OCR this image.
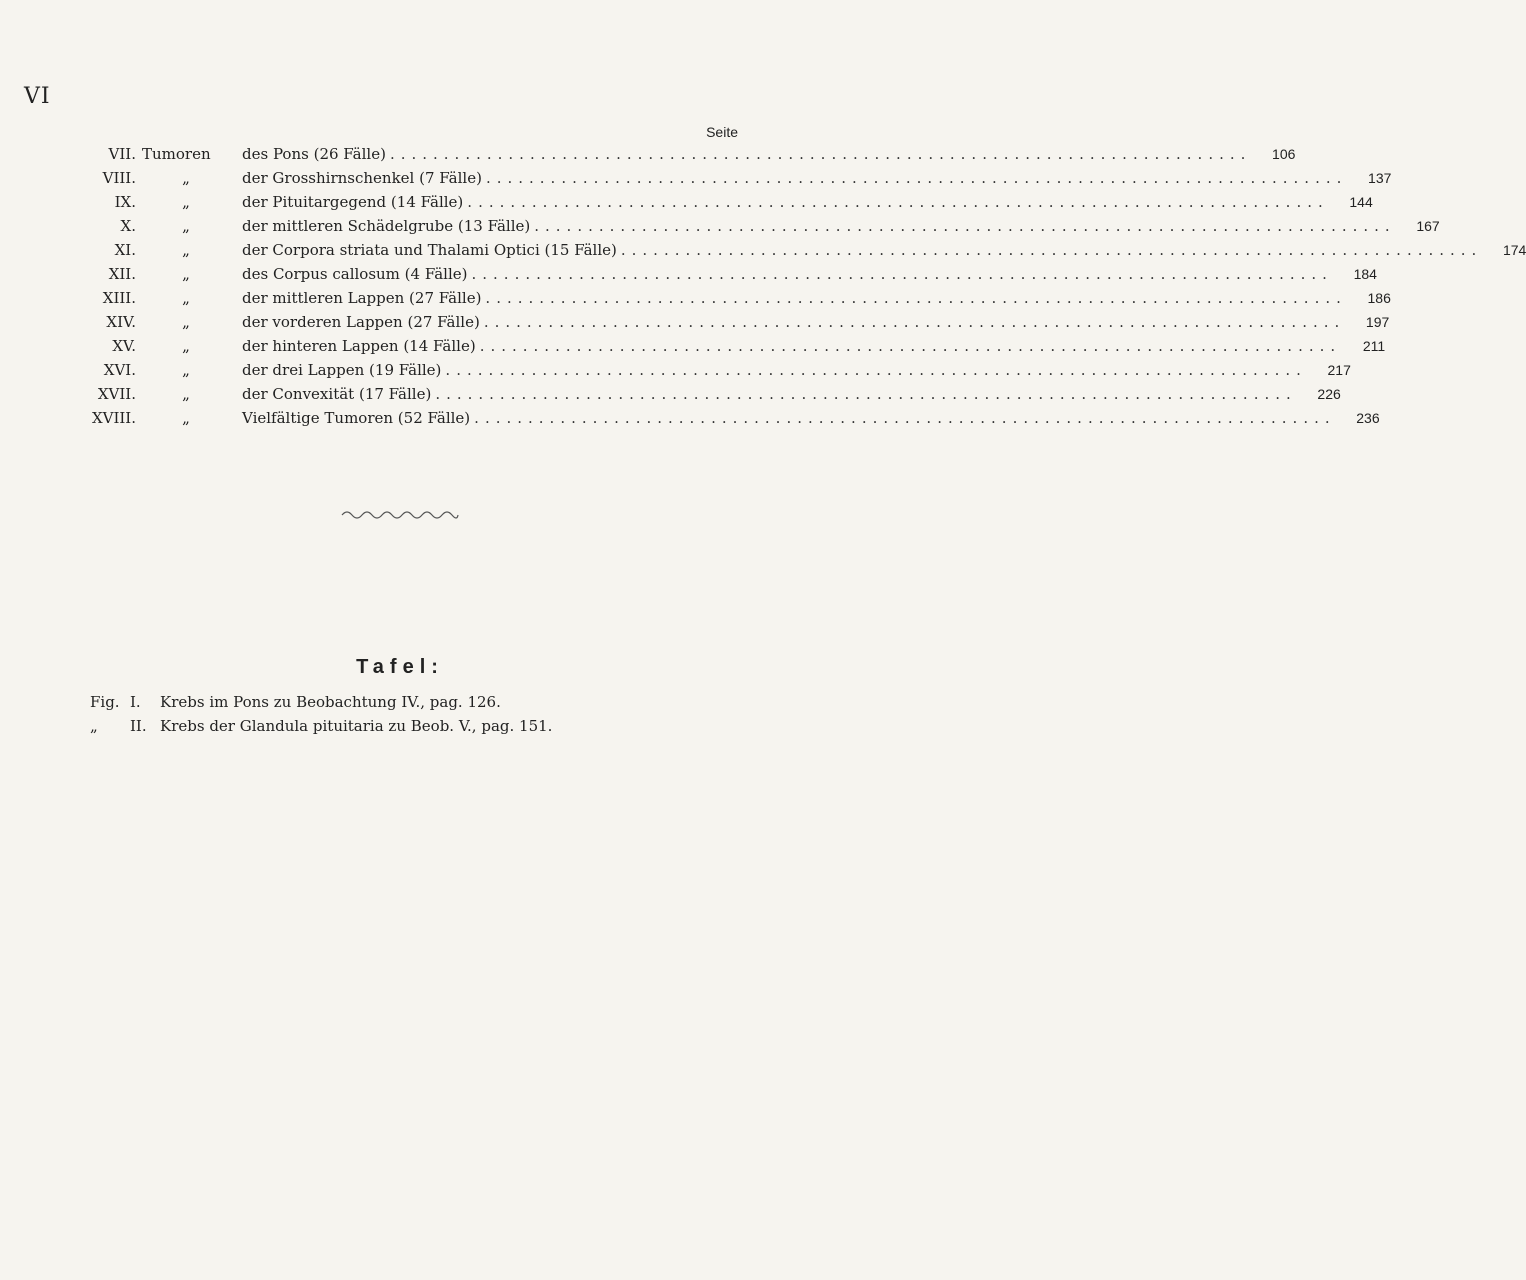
VI
Seite
VII. Tumoren	des Pons (26 Fälle) ................................................................................	106
VIII.	„	der Grosshirnschenkel (7 Fälle) ................................................................................	137
IX.	„	der Pituitargegend (14 Fälle) ................................................................................	144
X.	„	der mittleren Schädelgrube (13 Fälle) ................................................................................	167
XI.	„	der Corpora striata und Thalami Optici (15 Fälle) ................................................................................	174
XII.	„	des Corpus callosum (4 Fälle) ................................................................................	184
XIII.	„	der mittleren Lappen (27 Fälle) ................................................................................	186
XIV.	„	der vorderen Lappen (27 Fälle) ................................................................................	197
XV.	„	der hinteren Lappen (14 Fälle) ................................................................................	211
XVI.	„	der drei Lappen (19 Fälle) ................................................................................	217
XVII.	„	der Convexität (17 Fälle) ................................................................................	226
XVIII.	„	Vielfältige Tumoren (52 Fälle) ................................................................................	236
Tafel:
Fig. I.	Krebs im Pons zu Beobachtung IV., pag. 126.
„	II. Krebs der Glandula pituitaria zu Beob. V., pag. 151.
